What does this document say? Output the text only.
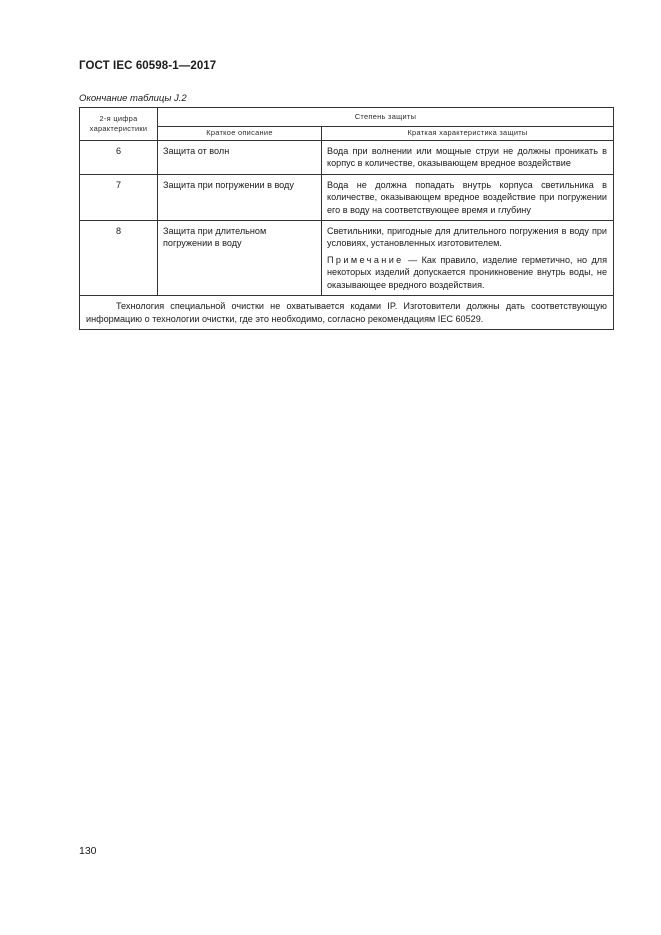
ГОСТ IEC 60598-1—2017
Окончание таблицы J.2
2-я цифра характеристики	Степень защиты	
	Краткое описание	Краткая характеристика защиты
6	Защита от волн	Вода при волнении или мощные струи не должны проникать в корпус в количестве, оказывающем вредное воздействие

7	Защита при погружении в воду	Вода не должна попадать внутрь корпуса светильника в количестве, оказывающем вредное воздействие при погружении его в воду на соответствующее время и глубину

8	Защита при длительном погружении в воду	Светильники, пригодные для длительного погружения в воду при условиях, установленных изготовителем.

Примечание — Как правило, изделие герметично, но для некоторых изделий допускается проникновение внутрь воды, не оказывающее вредного воздействия.

Технология специальной очистки не охватывается кодами IP. Изготовители должны дать соответствующую информацию о технологии очистки, где это необходимо, согласно рекомендациям IEC 60529.		
130
